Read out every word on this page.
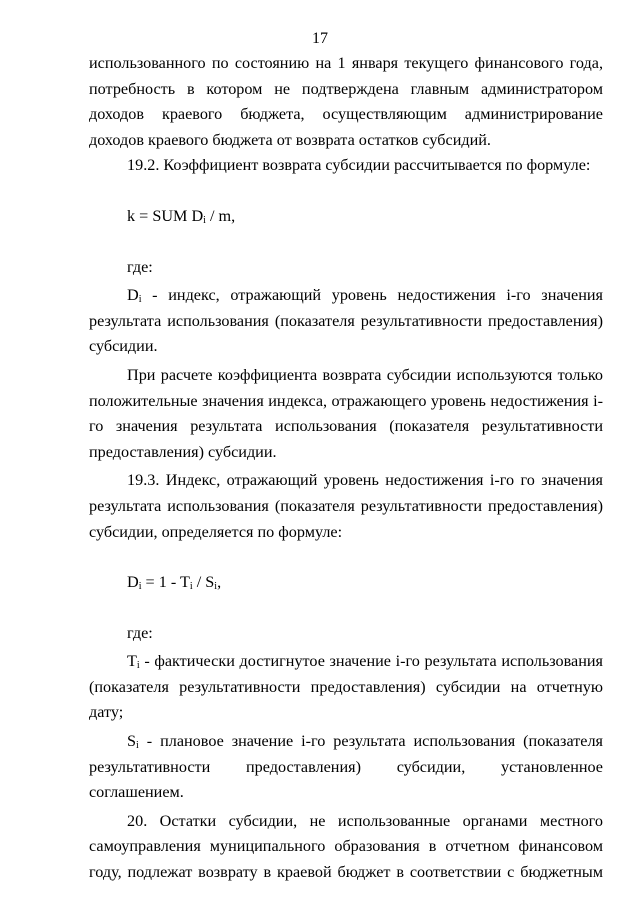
17

использованного по состоянию на 1 января текущего финансового года, потребность в котором не подтверждена главным администратором доходов краевого бюджета, осуществляющим администрирование доходов краевого бюджета от возврата остатков субсидий.

19.2. Коэффициент возврата субсидии рассчитывается по формуле:

k = SUM $D_i$ / m,

где:

$D_i$ - индекс, отражающий уровень недостижения i-го значения результата использования (показателя результативности предоставления) субсидии.

При расчете коэффициента возврата субсидии используются только положительные значения индекса, отражающего уровень недостижения i-го значения результата использования (показателя результативности предоставления) субсидии.

19.3. Индекс, отражающий уровень недостижения i-го го значения результата использования (показателя результативности предоставления) субсидии, определяется по формуле:

$D_i = 1 - T_i / S_i$,

где:

$T_i$ - фактически достигнутое значение i-го результата использования (показателя результативности предоставления) субсидии на отчетную дату;

$S_i$ - плановое значение i-го результата использования (показателя результативности предоставления) субсидии, установленное соглашением.

20. Остатки субсидии, не использованные органами местного самоуправления муниципального образования в отчетном финансовом году, подлежат возврату в краевой бюджет в соответствии с бюджетным
